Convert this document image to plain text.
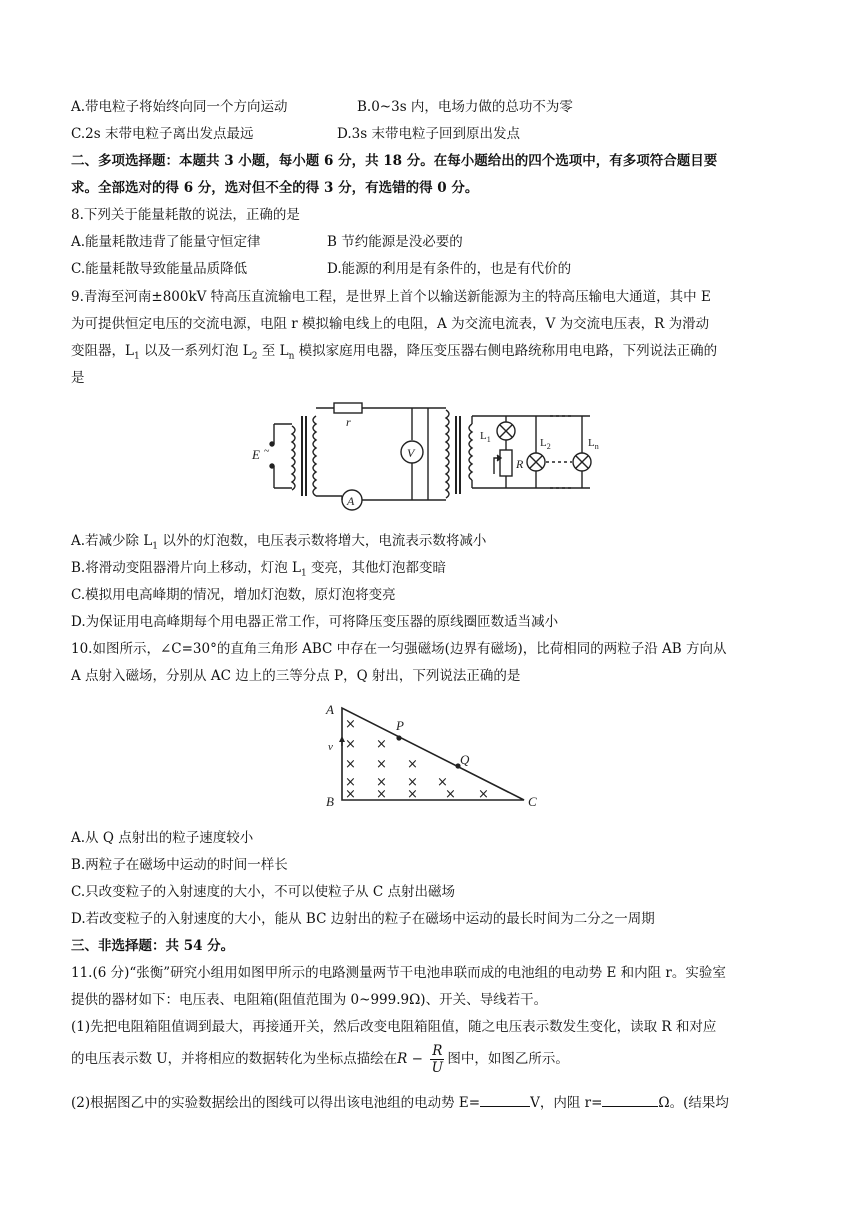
A.带电粒子将始终向同一个方向运动	B.0~3s 内，电场力做的总功不为零
C.2s 末带电粒子离出发点最远	D.3s 末带电粒子回到原出发点
二、多项选择题：本题共 3 小题，每小题 6 分，共 18 分。在每小题给出的四个选项中，有多项符合题目要
求。全部选对的得 6 分，选对但不全的得 3 分，有选错的得 0 分。
8.下列关于能量耗散的说法，正确的是
A.能量耗散违背了能量守恒定律	B 节约能源是没必要的
C.能量耗散导致能量品质降低	D.能源的利用是有条件的，也是有代价的
9.青海至河南±800kV 特高压直流输电工程，是世界上首个以输送新能源为主的特高压输电大通道，其中 E
为可提供恒定电压的交流电源，电阻 r 模拟输电线上的电阻，A 为交流电流表，V 为交流电压表，R 为滑动
变阻器，$L_1$ 以及一系列灯泡 $L_2$ 至 $L_n$ 模拟家庭用电器，降压变压器右侧电路统称用电电路，下列说法正确的
是
E ~
r
A
V
$L_1$
R
$L_2$	$L_n$
A.若减少除 $L_1$ 以外的灯泡数，电压表示数将增大，电流表示数将减小
B.将滑动变阻器滑片向上移动，灯泡 $L_1$ 变亮，其他灯泡都变暗
C.模拟用电高峰期的情况，增加灯泡数，原灯泡将变亮
D.为保证用电高峰期每个用电器正常工作，可将降压变压器的原线圈匝数适当减小
10.如图所示，∠C=30°的直角三角形 ABC 中存在一匀强磁场(边界有磁场)，比荷相同的两粒子沿 AB 方向从
A 点射入磁场，分别从 AC 边上的三等分点 P，Q 射出，下列说法正确的是
A
B	C
v
P
Q
×
× ×
× × ×
× × × ×
× × × × ×
A.从 Q 点射出的粒子速度较小
B.两粒子在磁场中运动的时间一样长
C.只改变粒子的入射速度的大小，不可以使粒子从 C 点射出磁场
D.若改变粒子的入射速度的大小，能从 BC 边射出的粒子在磁场中运动的最长时间为二分之一周期
三、非选择题：共 54 分。
11.(6 分)“张衡”研究小组用如图甲所示的电路测量两节干电池串联而成的电池组的电动势 E 和内阻 r。实验室
提供的器材如下：电压表、电阻箱(阻值范围为 0~999.9Ω)、开关、导线若干。
(1)先把电阻箱阻值调到最大，再接通开关，然后改变电阻箱阻值，随之电压表示数发生变化，读取 R 和对应
的电压表示数 U，并将相应的数据转化为坐标点描绘在$R - \frac{R}{U}$ 图中，如图乙所示。
(2)根据图乙中的实验数据绘出的图线可以得出该电池组的电动势 E=	V，内阻 r=	Ω。(结果均
